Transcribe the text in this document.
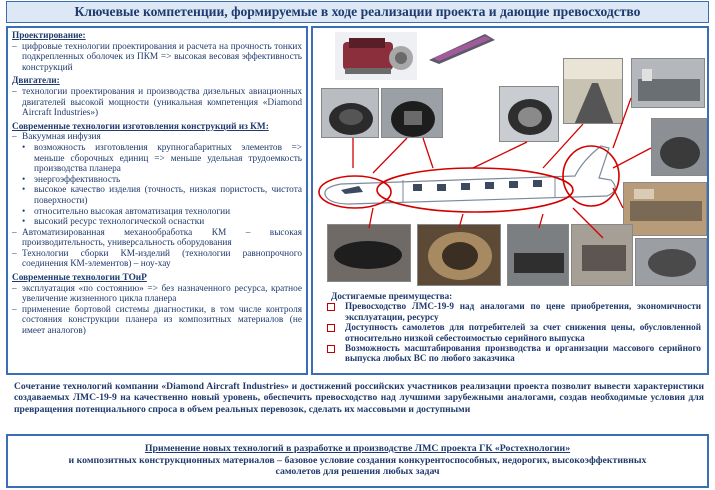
Ключевые компетенции, формируемые в ходе реализации проекта и дающие превосходство
Проектирование:
– цифровые технологии проектирования и расчета на прочность тонких подкрепленных оболочек из ПКМ => высокая весовая эффективность конструкций
Двигатели:
– технологии проектирования и производства дизельных авиационных двигателей высокой мощности (уникальная компетенция «Diamond Aircraft Industries»)
Современные технологии изготовления конструкций из КМ:
– Вакуумная инфузия
• возможность изготовления крупногабаритных элементов => меньше сборочных единиц => меньше удельная трудоемкость производства планера
• энергоэффективность
• высокое качество изделия (точность, низкая пористость, чистота поверхности)
• относительно высокая автоматизация технологии
• высокий ресурс технологической оснастки
– Автоматизированная механообработка КМ – высокая производительность, универсальность оборудования
– Технологии сборки КМ-изделий (технологии равнопрочного соединения КМ-элементов) – ноу-хау
Современные технологии ТОиР
– эксплуатация «по состоянию» => без назначенного ресурса, кратное увеличение жизненного цикла планера
– применение бортовой системы диагностики, в том числе контроля состояния конструкции планера из композитных материалов (не имеет аналогов)
Достигаемые преимущества:
Превосходство ЛМС-19-9 над аналогами по цене приобретения, экономичности эксплуатации, ресурсу
Доступность самолетов для потребителей за счет снижения цены, обусловленной относительно низкой себестоимостью серийного выпуска
Возможность масштабирования производства и организации массового серийного выпуска любых ВС по любого заказчика
Сочетание технологий компании «Diamond Aircraft Industries» и достижений российских участников реализации проекта позволит вывести характеристики создаваемых ЛМС-19-9 на качественно новый уровень, обеспечить превосходство над лучшими зарубежными аналогами, создав необходимые условия для превращения потенциального спроса в объем реальных перевозок, сделать их массовыми и доступными
Применение новых технологий в разработке и производстве ЛМС проекта ГК «Ростехнологии»
и композитных конструкционных материалов – базовое условие создания конкурентоспособных, недорогих, высокоэффективных
самолетов для решения любых задач
